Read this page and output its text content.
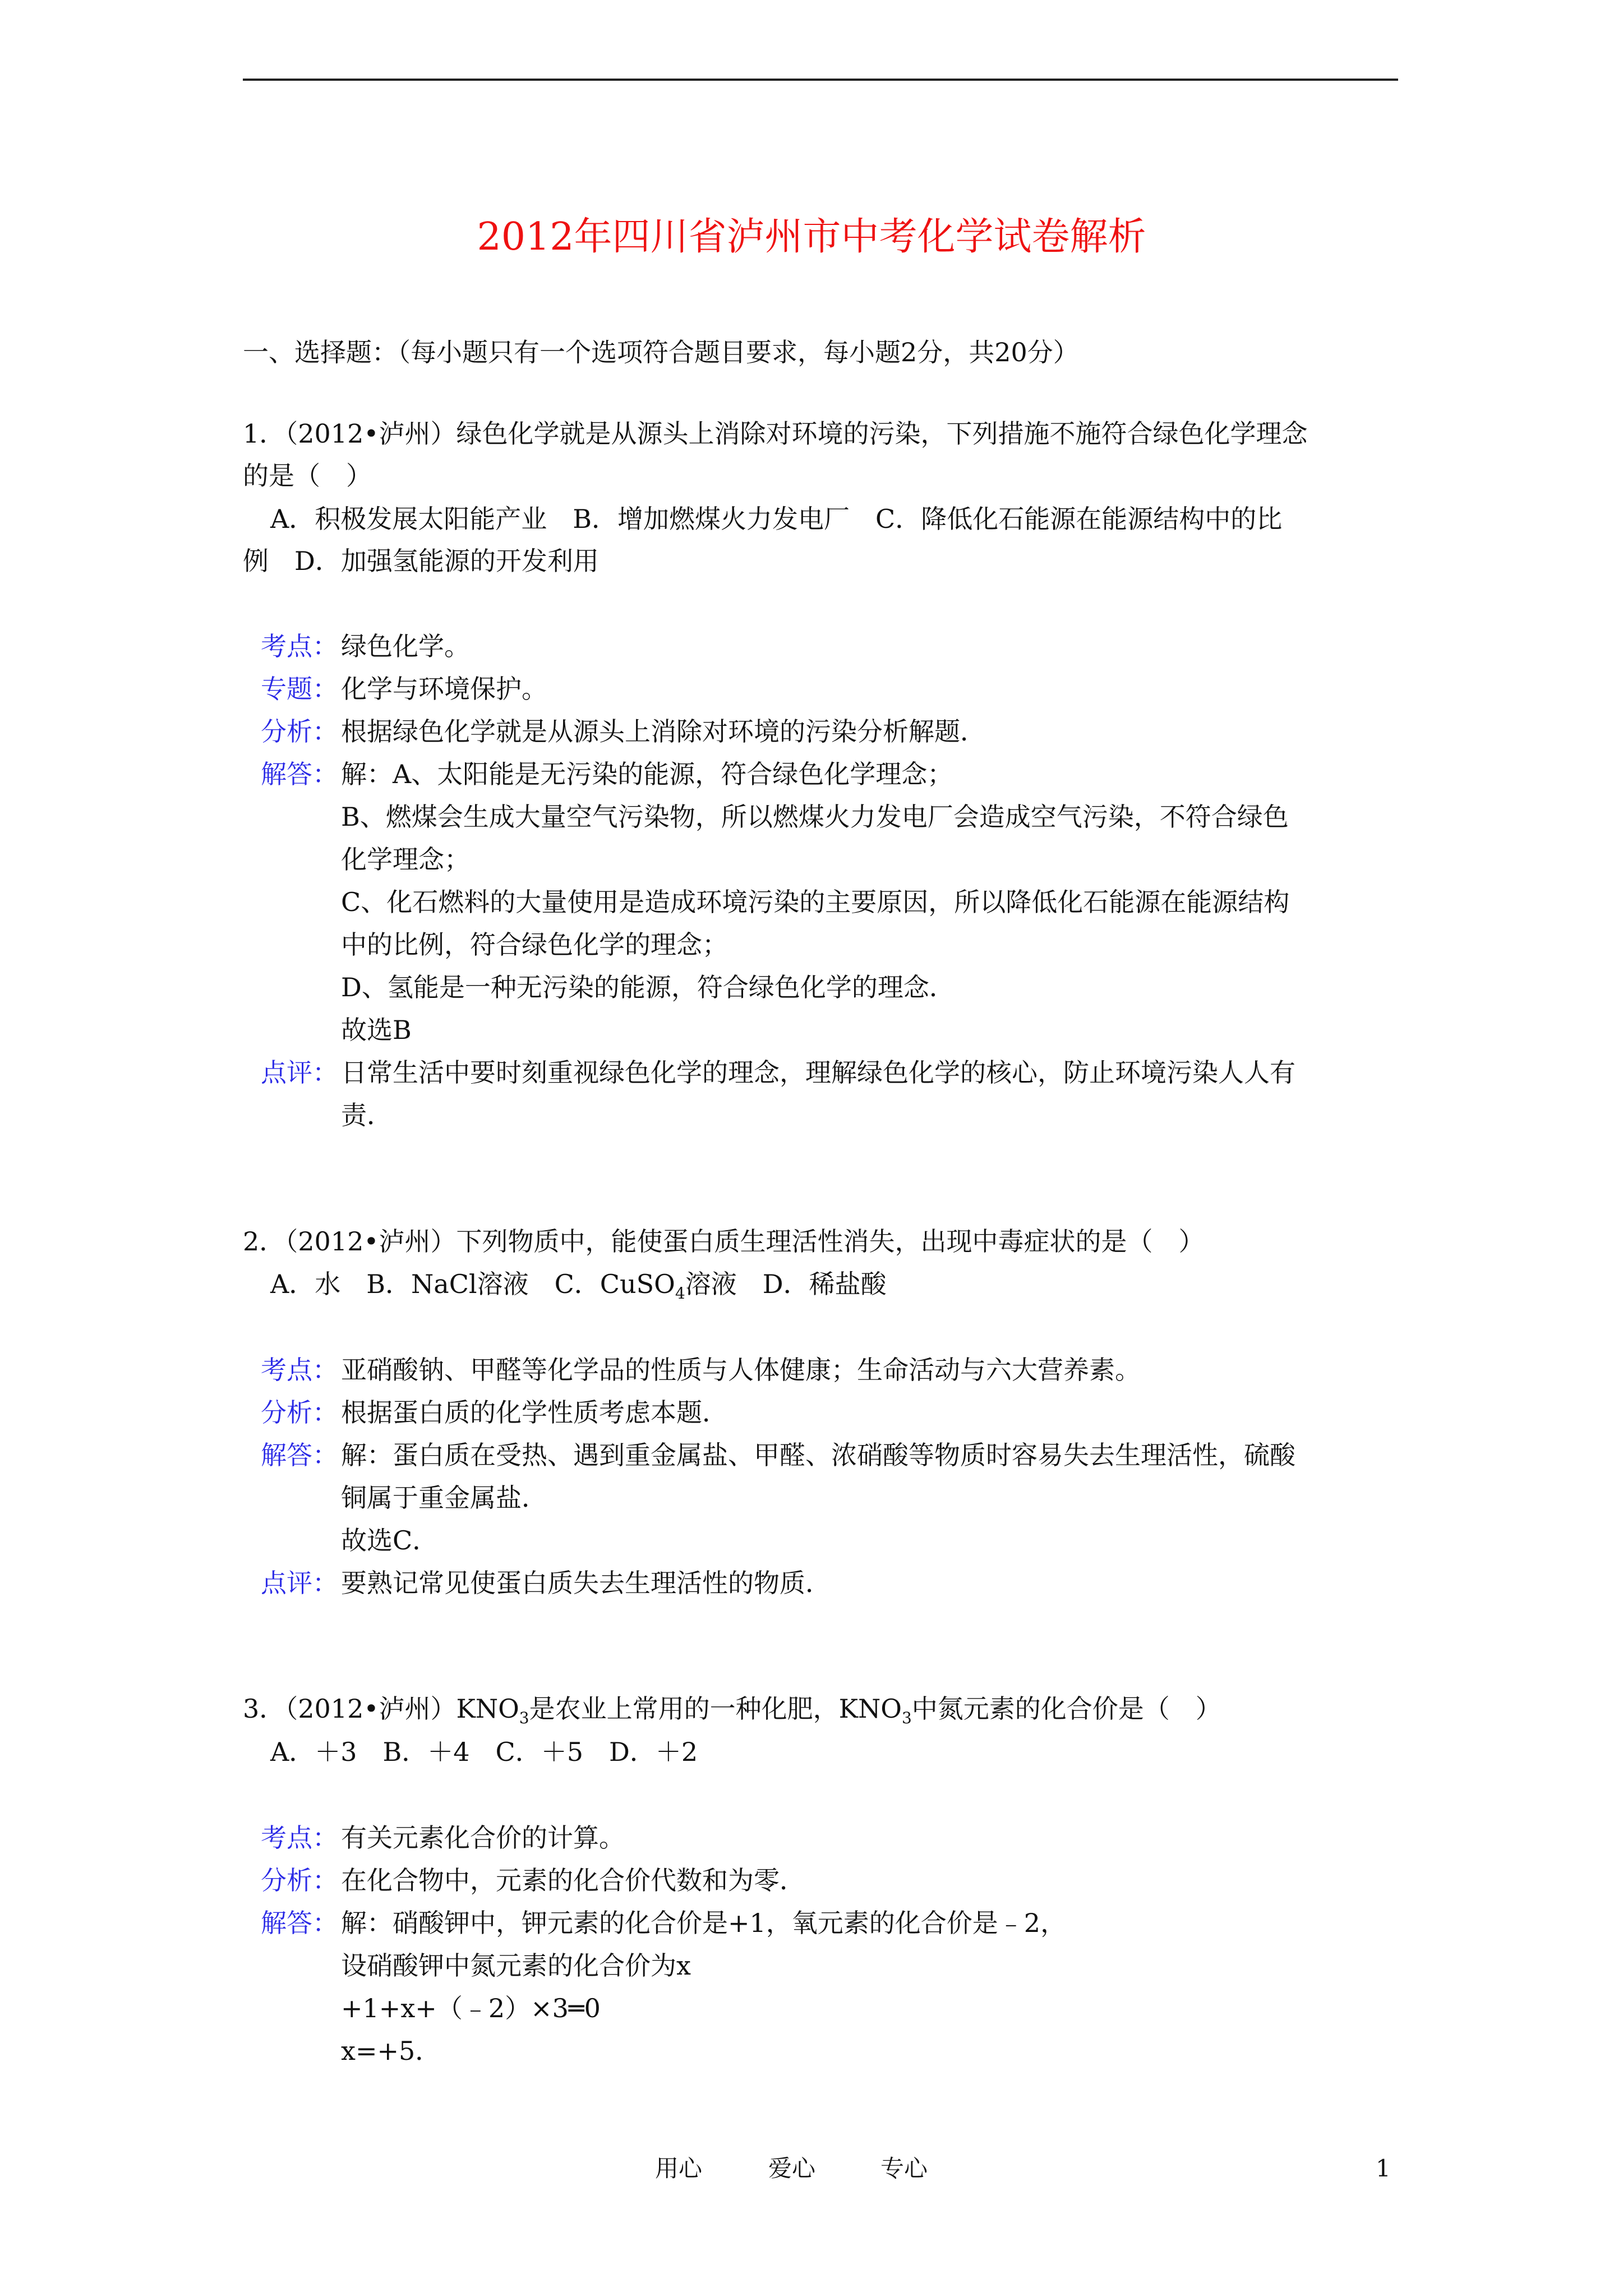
2012年四川省泸州市中考化学试卷解析
一、选择题：（每小题只有一个选项符合题目要求，每小题2分，共20分）
1．（2012•泸州）绿色化学就是从源头上消除对环境的污染，下列措施不施符合绿色化学理念
的是（　）
A．积极发展太阳能产业　B．增加燃煤火力发电厂　C．降低化石能源在能源结构中的比
例　D．加强氢能源的开发利用
考点： 绿色化学。
专题： 化学与环境保护。
分析： 根据绿色化学就是从源头上消除对环境的污染分析解题．
解答： 解：A、太阳能是无污染的能源，符合绿色化学理念；
B、燃煤会生成大量空气污染物，所以燃煤火力发电厂会造成空气污染，不符合绿色
化学理念；
C、化石燃料的大量使用是造成环境污染的主要原因，所以降低化石能源在能源结构
中的比例，符合绿色化学的理念；
D、氢能是一种无污染的能源，符合绿色化学的理念．
故选B
点评： 日常生活中要时刻重视绿色化学的理念，理解绿色化学的核心，防止环境污染人人有
责．
2．（2012•泸州）下列物质中，能使蛋白质生理活性消失，出现中毒症状的是（　）
A．水　B．NaCl溶液　C．CuSO$_4$溶液　D．稀盐酸
考点： 亚硝酸钠、甲醛等化学品的性质与人体健康；生命活动与六大营养素。
分析： 根据蛋白质的化学性质考虑本题．
解答： 解：蛋白质在受热、遇到重金属盐、甲醛、浓硝酸等物质时容易失去生理活性，硫酸
铜属于重金属盐．
故选C．
点评： 要熟记常见使蛋白质失去生理活性的物质．
3．（2012•泸州）$KNO_3$是农业上常用的一种化肥，$KNO_3$中氮元素的化合价是（　）
A．＋3　B．＋4　C．＋5　D．＋2
考点： 有关元素化合价的计算。
分析： 在化合物中，元素的化合价代数和为零．
解答： 解：硝酸钾中，钾元素的化合价是+1，氧元素的化合价是﹣2，
设硝酸钾中氮元素的化合价为x
+1+x+（﹣2）×3═0
x=+5．
用心	爱心	专心	1
